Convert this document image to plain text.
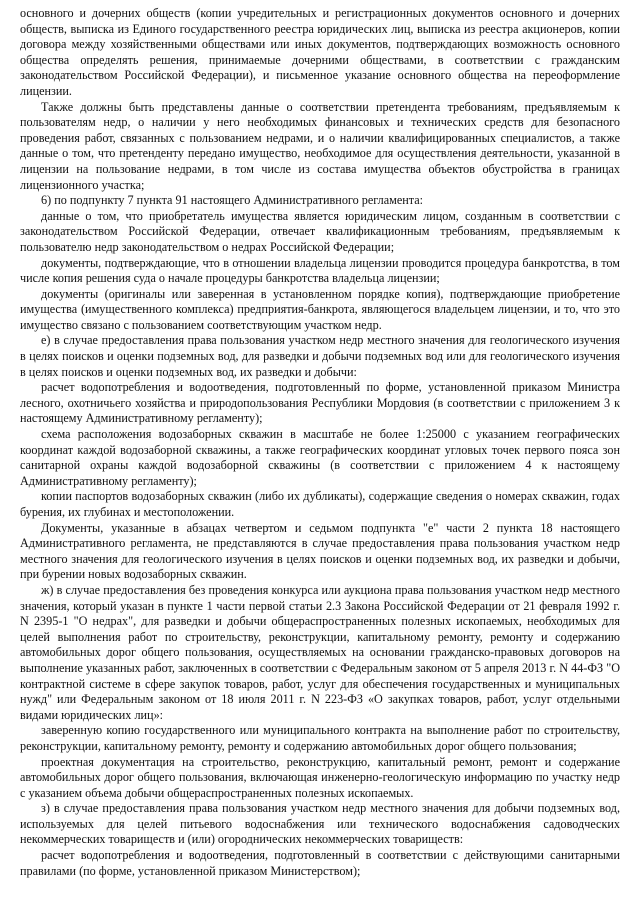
основного и дочерних обществ (копии учредительных и регистрационных документов основного и дочерних обществ, выписка из Единого государственного реестра юридических лиц, выписка из реестра акционеров, копии договора между хозяйственными обществами или иных документов, подтверждающих возможность основного общества определять решения, принимаемые дочерними обществами, в соответствии с гражданским законодательством Российской Федерации), и письменное указание основного общества на переоформление лицензии.

Также должны быть представлены данные о соответствии претендента требованиям, предъявляемым к пользователям недр, о наличии у него необходимых финансовых и технических средств для безопасного проведения работ, связанных с пользованием недрами, и о наличии квалифицированных специалистов, а также данные о том, что претенденту передано имущество, необходимое для осуществления деятельности, указанной в лицензии на пользование недрами, в том числе из состава имущества объектов обустройства в границах лицензионного участка;

6) по подпункту 7 пункта 91 настоящего Административного регламента:

данные о том, что приобретатель имущества является юридическим лицом, созданным в соответствии с законодательством Российской Федерации, отвечает квалификационным требованиям, предъявляемым к пользователю недр законодательством о недрах Российской Федерации;

документы, подтверждающие, что в отношении владельца лицензии проводится процедура банкротства, в том числе копия решения суда о начале процедуры банкротства владельца лицензии;

документы (оригиналы или заверенная в установленном порядке копия), подтверждающие приобретение имущества (имущественного комплекса) предприятия-банкрота, являющегося владельцем лицензии, и то, что это имущество связано с пользованием соответствующим участком недр.

е) в случае предоставления права пользования участком недр местного значения для геологического изучения в целях поисков и оценки подземных вод, для разведки и добычи подземных вод или для геологического изучения в целях поисков и оценки подземных вод, их разведки и добычи:

расчет водопотребления и водоотведения, подготовленный по форме, установленной приказом Министра лесного, охотничьего хозяйства и природопользования Республики Мордовия (в соответствии с приложением 3 к настоящему Административному регламенту);

схема расположения водозаборных скважин в масштабе не более 1:25000 с указанием географических координат каждой водозаборной скважины, а также географических координат угловых точек первого пояса зон санитарной охраны каждой водозаборной скважины (в соответствии с приложением 4 к настоящему Административному регламенту);

копии паспортов водозаборных скважин (либо их дубликаты), содержащие сведения о номерах скважин, годах бурения, их глубинах и местоположении.

Документы, указанные в абзацах четвертом и седьмом подпункта "е" части 2 пункта 18 настоящего Административного регламента, не представляются в случае предоставления права пользования участком недр местного значения для геологического изучения в целях поисков и оценки подземных вод, их разведки и добычи, при бурении новых водозаборных скважин.

ж) в случае предоставления без проведения конкурса или аукциона права пользования участком недр местного значения, который указан в пункте 1 части первой статьи 2.3 Закона Российской Федерации от 21 февраля 1992 г. N 2395-1 "О недрах", для разведки и добычи общераспространенных полезных ископаемых, необходимых для целей выполнения работ по строительству, реконструкции, капитальному ремонту, ремонту и содержанию автомобильных дорог общего пользования, осуществляемых на основании гражданско-правовых договоров на выполнение указанных работ, заключенных в соответствии с Федеральным законом от 5 апреля 2013 г. N 44-ФЗ "О контрактной системе в сфере закупок товаров, работ, услуг для обеспечения государственных и муниципальных нужд" или Федеральным законом от 18 июля 2011 г. N 223-ФЗ «О закупках товаров, работ, услуг отдельными видами юридических лиц»:

заверенную копию государственного или муниципального контракта на выполнение работ по строительству, реконструкции, капитальному ремонту, ремонту и содержанию автомобильных дорог общего пользования;

проектная документация на строительство, реконструкцию, капитальный ремонт, ремонт и содержание автомобильных дорог общего пользования, включающая инженерно-геологическую информацию по участку недр с указанием объема добычи общераспространенных полезных ископаемых.

з) в случае предоставления права пользования участком недр местного значения для добычи подземных вод, используемых для целей питьевого водоснабжения или технического водоснабжения садоводческих некоммерческих товариществ и (или) огороднических некоммерческих товариществ:

расчет водопотребления и водоотведения, подготовленный в соответствии с действующими санитарными правилами (по форме, установленной приказом Министерством);
